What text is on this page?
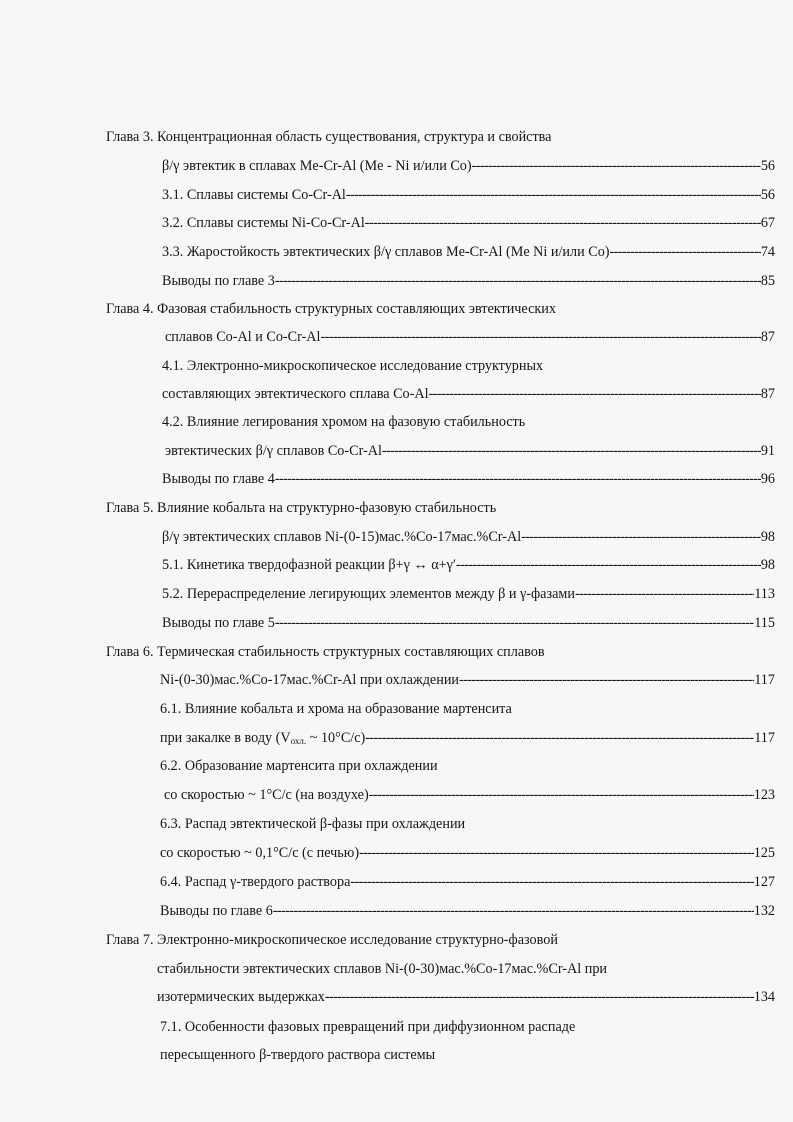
Глава 3. Концентрационная область существования, структура и свойства
β/γ эвтектик в сплавах Me-Cr-Al (Me - Ni и/или Co) -----	56
3.1. Сплавы системы Co-Cr-Al -----	56
3.2. Сплавы системы Ni-Co-Cr-Al -----	67
3.3. Жаростойкость эвтектических β/γ сплавов Me-Cr-Al (Me Ni и/или Co) -----	74
Выводы по главе 3 -----	85
Глава 4. Фазовая стабильность структурных составляющих эвтектических
сплавов Co-Al и Co-Cr-Al -----	87
4.1. Электронно-микроскопическое исследование структурных
составляющих эвтектического сплава Co-Al -----	87
4.2. Влияние легирования хромом на фазовую стабильность
эвтектических β/γ сплавов Co-Cr-Al -----	91
Выводы по главе 4 -----	96
Глава 5. Влияние кобальта на структурно-фазовую стабильность
β/γ эвтектических сплавов Ni-(0-15)мас.%Co-17мас.%Cr-Al -----	98
5.1. Кинетика твердофазной реакции β+γ ↔ α+γ′ -----	98
5.2. Перераспределение легирующих элементов между β и γ-фазами -----	113
Выводы по главе 5 -----	115
Глава 6. Термическая стабильность структурных составляющих сплавов
Ni-(0-30)мас.%Co-17мас.%Cr-Al при охлаждении -----	117
6.1. Влияние кобальта и хрома на образование мартенсита
при закалке в воду ($V_{охл.}$ ~ 10°C/c) -----	117
6.2. Образование мартенсита при охлаждении
со скоростью ~ 1°C/c (на воздухе) -----	123
6.3. Распад эвтектической β-фазы при охлаждении
со скоростью ~ 0,1°C/c (с печью) -----	125
6.4. Распад γ-твердого раствора -----	127
Выводы по главе 6 -----	132
Глава 7. Электронно-микроскопическое исследование структурно-фазовой
стабильности эвтектических сплавов Ni-(0-30)мас.%Co-17мас.%Cr-Al при
изотермических выдержках -----	134
7.1. Особенности фазовых превращений при диффузионном распаде
пересыщенного β-твердого раствора системы
